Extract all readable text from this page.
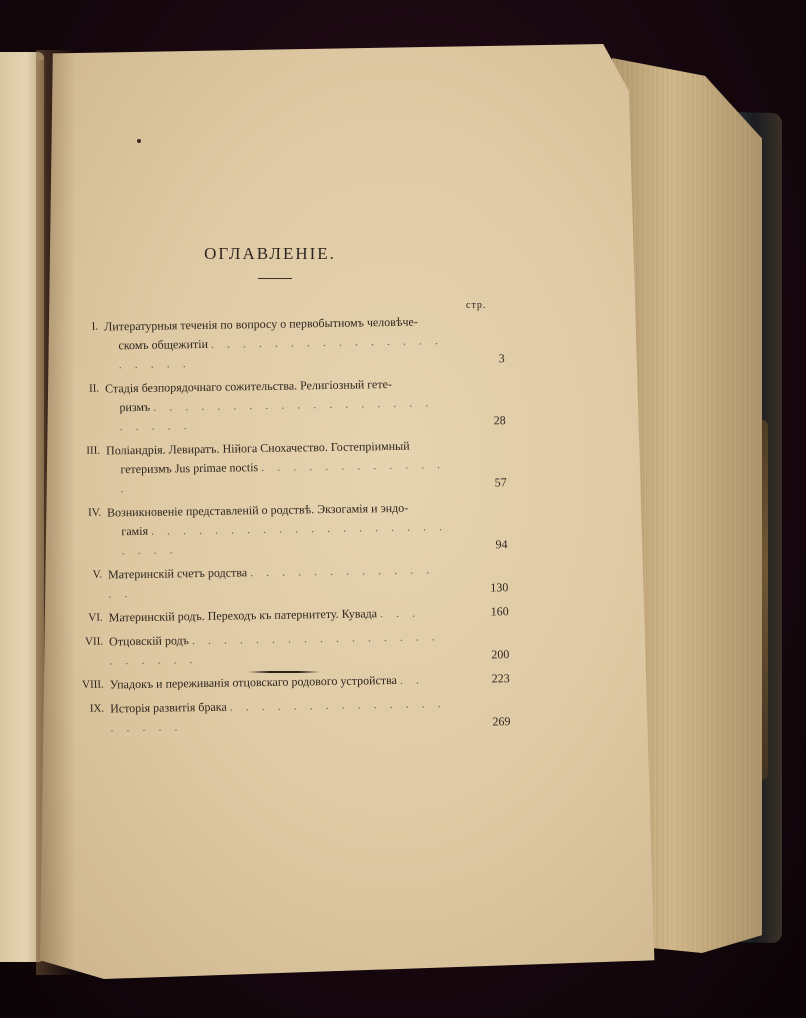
ОГЛАВЛЕНIЕ.
стр.
I. Литературныя теченія по вопросу о первобытномъ человѣче-
скомъ общежитіи . . . . . . . . . . . . . . . . . . . .	3
II. Стадія безпорядочнаго сожительства. Религiозный гете-
ризмъ . . . . . . . . . . . . . . . . . . . . . . .	28
III. Поліандрія. Левиратъ. Нійога Снохачество. Гостепріимный
гетеризмъ Jus primae noctis . . . . . . . . . . . . .	57
IV. Возникновеніе представленій о родствѣ. Экзогамія и эндо-
гамія . . . . . . . . . . . . . . . . . . . . . . .	94
V. Материнскій счетъ родства . . . . . . . . . . . . . .	130
VI. Материнскій родъ. Переходъ къ патернитету. Кувада . . .	160
VII. Отцовскій родъ . . . . . . . . . . . . . . . . . . . . . .	200
VIII. Упадокъ и переживанія отцовскаго родового устройства . .	223
IX. Исторія развитія брака . . . . . . . . . . . . . . . . . . .	269
